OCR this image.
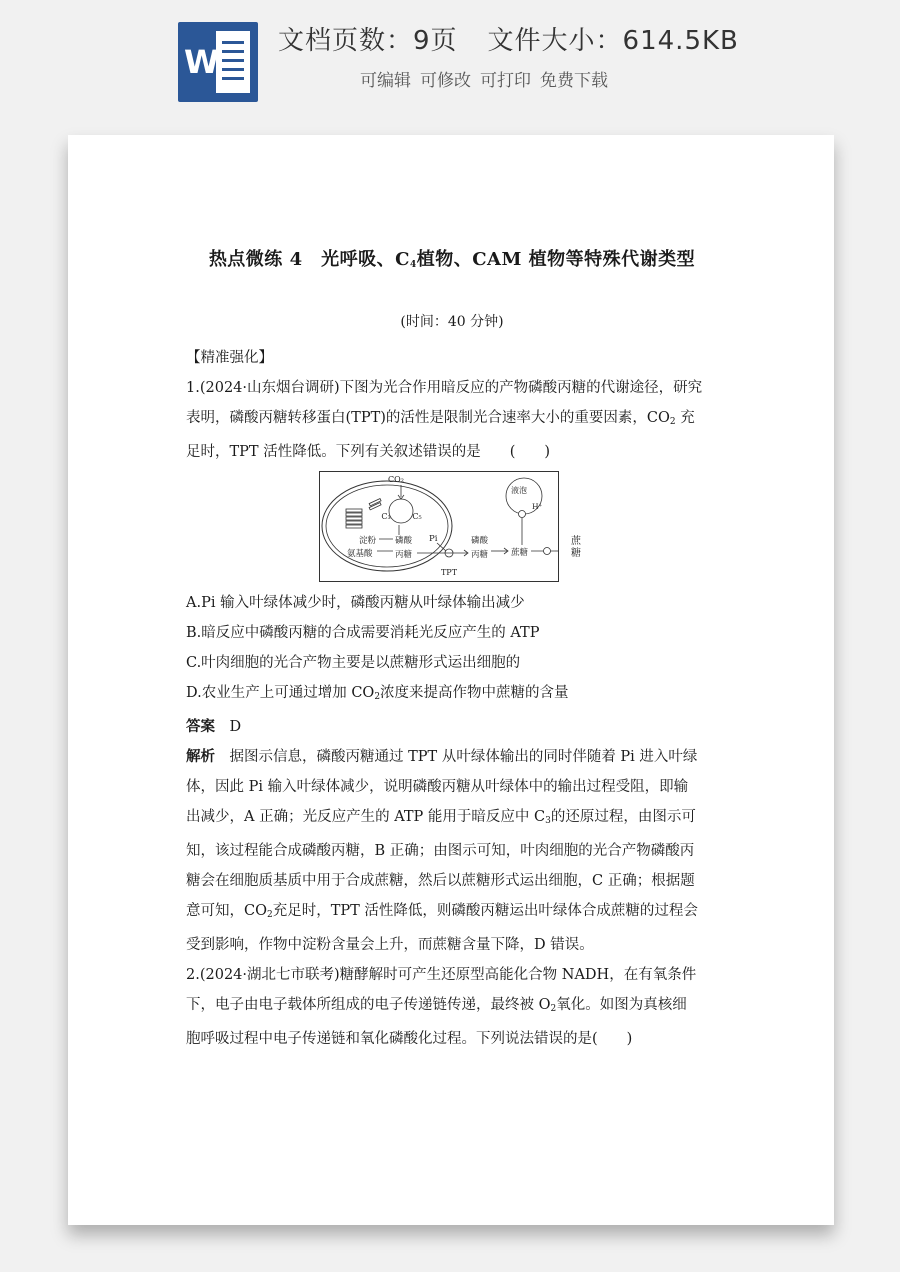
W
文档页数：9页 文件大小：614.5KB
可编辑 可修改 可打印 免费下载
热点微练 4　光呼吸、$C_4$植物、CAM 植物等特殊代谢类型
(时间：40 分钟)

【精准强化】

1.(2024·山东烟台调研)下图为光合作用暗反应的产物磷酸丙糖的代谢途径，研究

表明，磷酸丙糖转移蛋白(TPT)的活性是限制光合速率大小的重要因素，$CO_2$ 充

足时，TPT 活性降低。下列有关叙述错误的是　　(　　)

CO₂
C₃	C₅
淀粉
氨基酸
磷酸
丙糖
Pi
TPT
磷酸
丙糖	蔗糖
液泡
H⁺
蔗
糖

A.Pi 输入叶绿体减少时，磷酸丙糖从叶绿体输出减少

B.暗反应中磷酸丙糖的合成需要消耗光反应产生的 ATP

C.叶肉细胞的光合产物主要是以蔗糖形式运出细胞的

D.农业生产上可通过增加 $CO_2$浓度来提高作物中蔗糖的含量

答案　 D

解析　 据图示信息，磷酸丙糖通过 TPT 从叶绿体输出的同时伴随着 Pi 进入叶绿

体，因此 Pi 输入叶绿体减少，说明磷酸丙糖从叶绿体中的输出过程受阻，即输

出减少，A 正确；光反应产生的 ATP 能用于暗反应中 $C_3$的还原过程，由图示可

知，该过程能合成磷酸丙糖，B 正确；由图示可知，叶肉细胞的光合产物磷酸丙

糖会在细胞质基质中用于合成蔗糖，然后以蔗糖形式运出细胞，C 正确；根据题

意可知，$CO_2$充足时，TPT 活性降低，则磷酸丙糖运出叶绿体合成蔗糖的过程会

受到影响，作物中淀粉含量会上升，而蔗糖含量下降，D 错误。

2.(2024·湖北七市联考)糖酵解时可产生还原型高能化合物 NADH，在有氧条件

下，电子由电子载体所组成的电子传递链传递，最终被 $O_2$氧化。如图为真核细

胞呼吸过程中电子传递链和氧化磷酸化过程。下列说法错误的是(　　)
